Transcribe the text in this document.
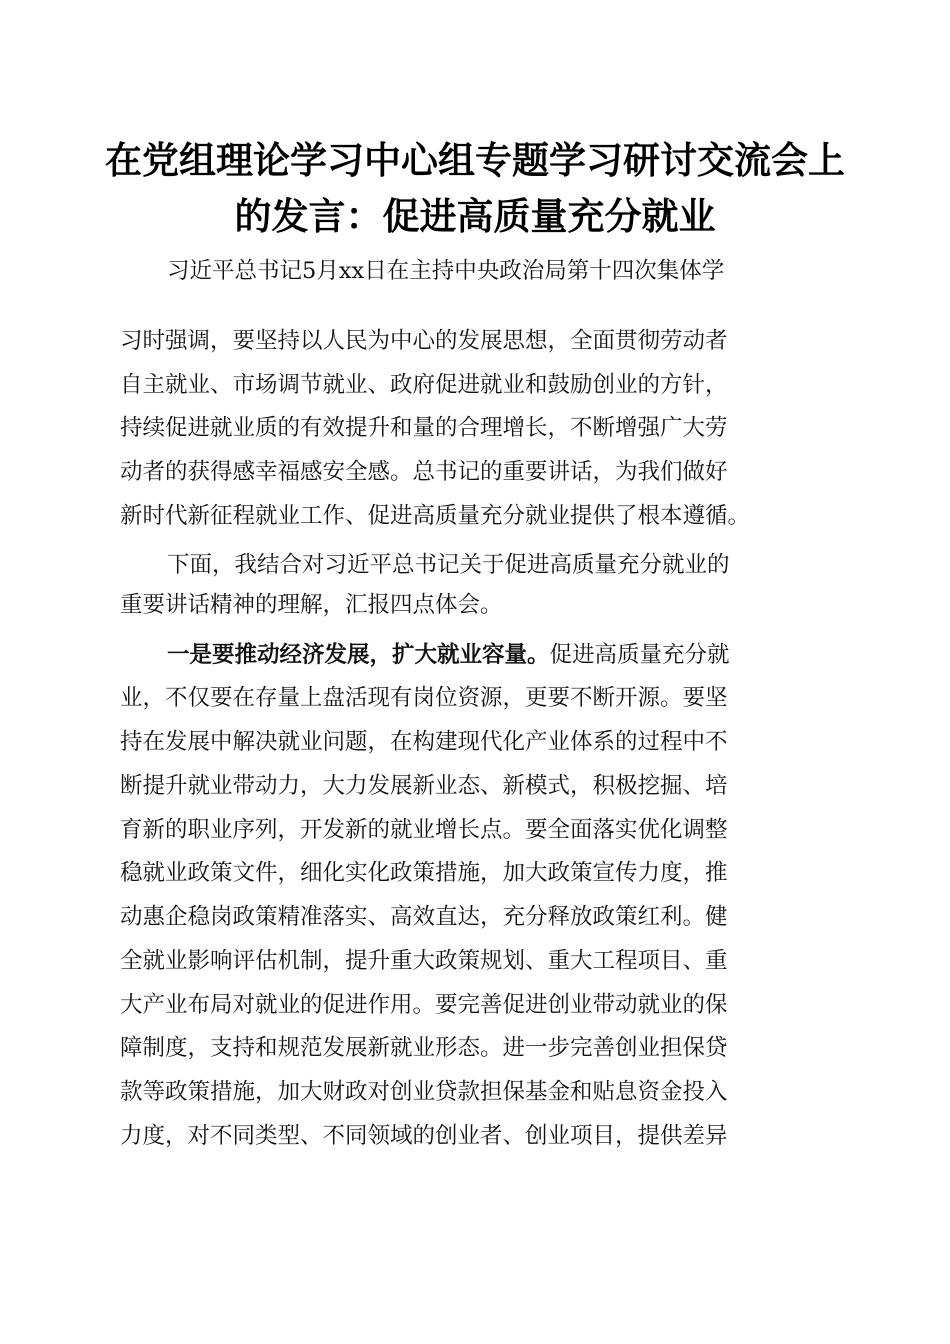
在党组理论学习中心组专题学习研讨交流会上
的发言：促进高质量充分就业
习近平总书记5月xx日在主持中央政治局第十四次集体学
习时强调，要坚持以人民为中心的发展思想，全面贯彻劳动者
自主就业、市场调节就业、政府促进就业和鼓励创业的方针，
持续促进就业质的有效提升和量的合理增长，不断增强广大劳
动者的获得感幸福感安全感。总书记的重要讲话，为我们做好
新时代新征程就业工作、促进高质量充分就业提供了根本遵循。
下面，我结合对习近平总书记关于促进高质量充分就业的
重要讲话精神的理解，汇报四点体会。
一是要推动经济发展，扩大就业容量。促进高质量充分就
业，不仅要在存量上盘活现有岗位资源，更要不断开源。要坚
持在发展中解决就业问题，在构建现代化产业体系的过程中不
断提升就业带动力，大力发展新业态、新模式，积极挖掘、培
育新的职业序列，开发新的就业增长点。要全面落实优化调整
稳就业政策文件，细化实化政策措施，加大政策宣传力度，推
动惠企稳岗政策精准落实、高效直达，充分释放政策红利。健
全就业影响评估机制，提升重大政策规划、重大工程项目、重
大产业布局对就业的促进作用。要完善促进创业带动就业的保
障制度，支持和规范发展新就业形态。进一步完善创业担保贷
款等政策措施，加大财政对创业贷款担保基金和贴息资金投入
力度，对不同类型、不同领域的创业者、创业项目，提供差异
